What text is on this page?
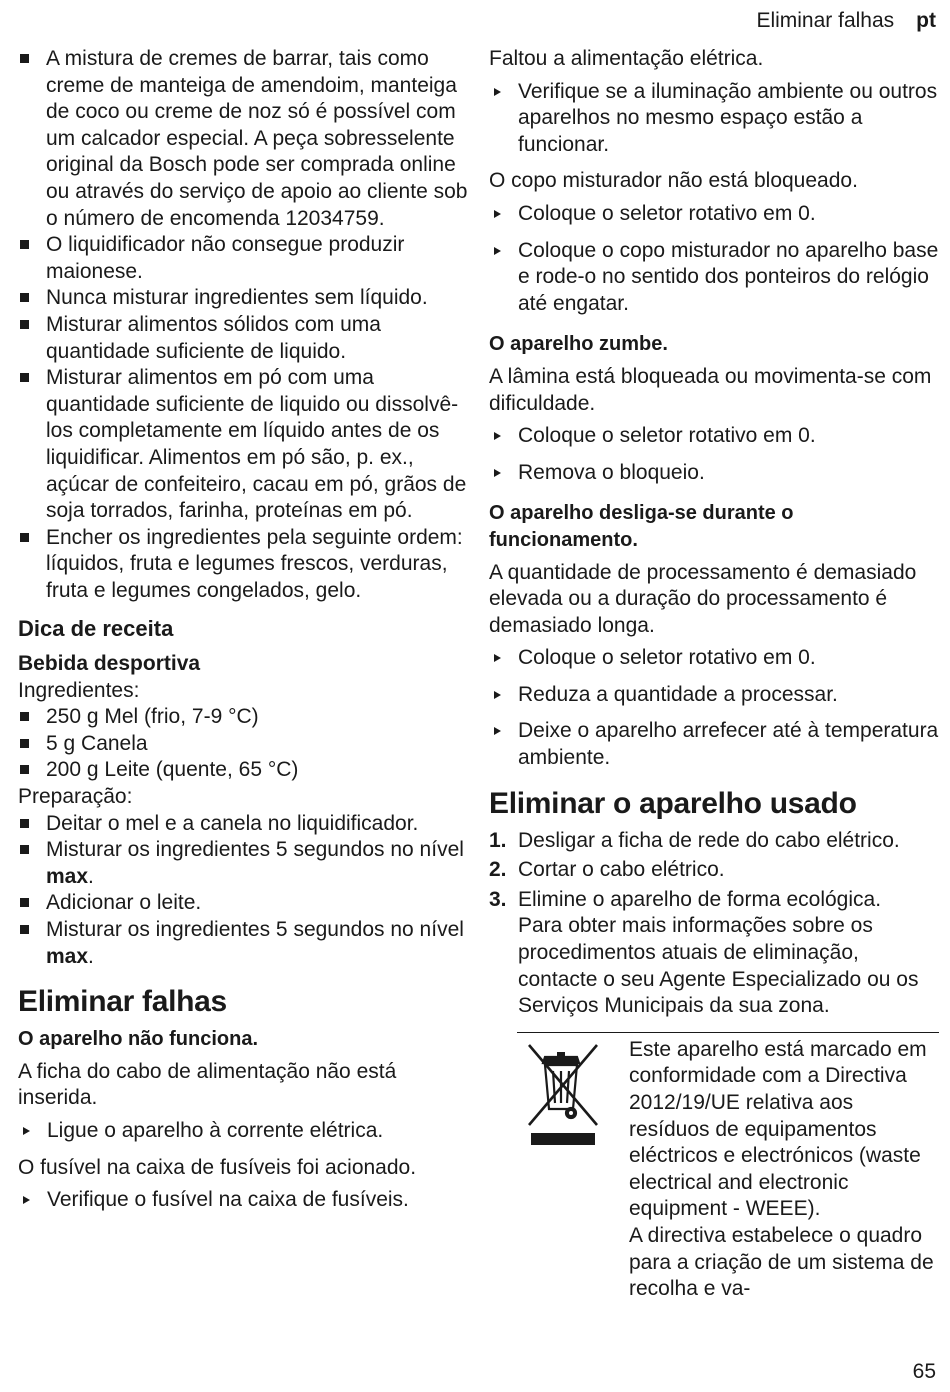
Eliminar falhas pt
A mistura de cremes de barrar, tais como creme de manteiga de amendoim, manteiga de coco ou creme de noz só é possível com um calcador especial. A peça sobresselente original da Bosch pode ser comprada online ou através do serviço de apoio ao cliente sob o número de encomenda 12034759.
O liquidificador não consegue produzir maionese.
Nunca misturar ingredientes sem líquido.
Misturar alimentos sólidos com uma quantidade suficiente de liquido.
Misturar alimentos em pó com uma quantidade suficiente de liquido ou dissolvê-los completamente em líquido antes de os liquidificar. Alimentos em pó são, p. ex., açúcar de confeiteiro, cacau em pó, grãos de soja torrados, farinha, proteínas em pó.
Encher os ingredientes pela seguinte ordem: líquidos, fruta e legumes frescos, verduras, fruta e legumes congelados, gelo.
Dica de receita
Bebida desportiva

Ingredientes:

250 g Mel (frio, 7-9 °C)
5 g Canela
200 g Leite (quente, 65 °C)

Preparação:

Deitar o mel e a canela no liquidificador.
Misturar os ingredientes 5 segundos no nível max.
Adicionar o leite.
Misturar os ingredientes 5 segundos no nível max.
Eliminar falhas
O aparelho não funciona.

A ficha do cabo de alimentação não está inserida.

Ligue o aparelho à corrente elétrica.

O fusível na caixa de fusíveis foi acionado.

Verifique o fusível na caixa de fusíveis.

Faltou a alimentação elétrica.

Verifique se a iluminação ambiente ou outros aparelhos no mesmo espaço estão a funcionar.

O copo misturador não está bloqueado.

Coloque o seletor rotativo em 0.
Coloque o copo misturador no aparelho base e rode-o no sentido dos ponteiros do relógio até engatar.
O aparelho zumbe.

A lâmina está bloqueada ou movimenta-se com dificuldade.

Coloque o seletor rotativo em 0.
Remova o bloqueio.
O aparelho desliga-se durante o funcionamento.

A quantidade de processamento é demasiado elevada ou a duração do processamento é demasiado longa.

Coloque o seletor rotativo em 0.
Reduza a quantidade a processar.
Deixe o aparelho arrefecer até à temperatura ambiente.
Eliminar o aparelho usado
1. Desligar a ficha de rede do cabo elétrico.
2. Cortar o cabo elétrico.
3. Elimine o aparelho de forma ecológica.

Para obter mais informações sobre os procedimentos atuais de eliminação, contacte o seu Agente Especializado ou os Serviços Municipais da sua zona.

Este aparelho está marcado em conformidade com a Directiva 2012/19/UE relativa aos resíduos de equipamentos eléctricos e electrónicos (waste electrical and electronic equipment - WEEE).

A directiva estabelece o quadro para a criação de um sistema de recolha e va-

65
